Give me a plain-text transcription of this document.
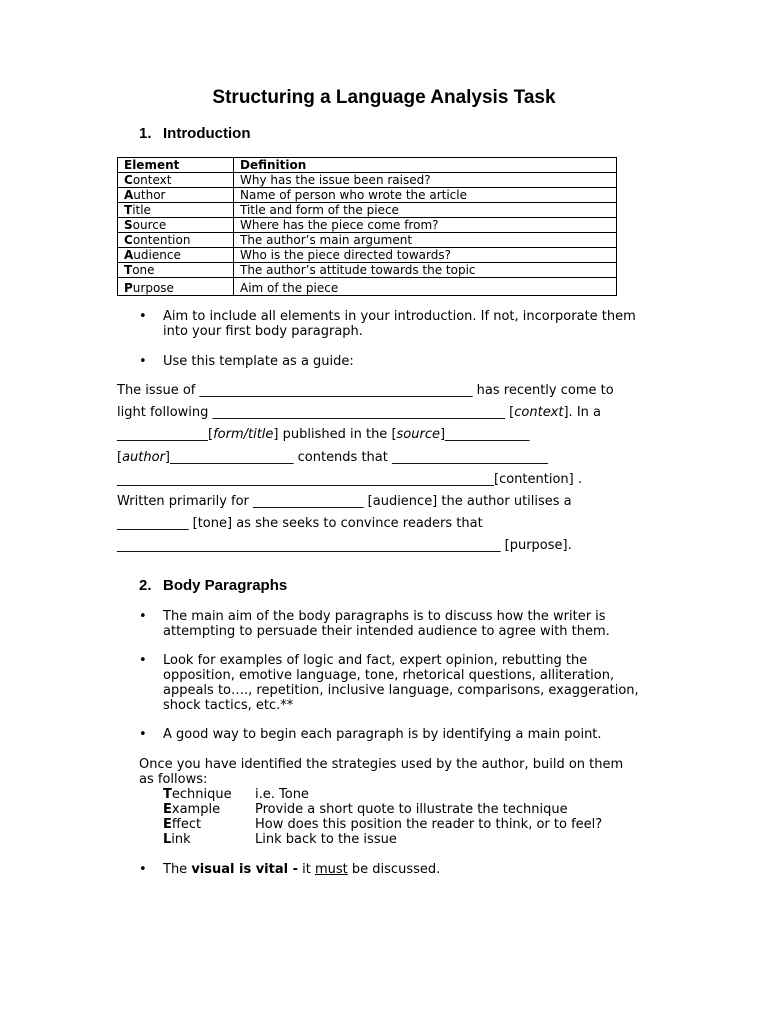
Structuring a Language Analysis Task
1. Introduction
Element	Definition
Context	Why has the issue been raised?
Author	Name of person who wrote the article
Title	Title and form of the piece
Source	Where has the piece come from?
Contention	The author’s main argument
Audience	Who is the piece directed towards?
Tone	The author’s attitude towards the topic
Purpose	Aim of the piece
• Aim to include all elements in your introduction. If not, incorporate them into your first body paragraph.
• Use this template as a guide:
The issue of __________________________________________ has recently come to
light following _____________________________________________ [context]. In a
______________[form/title] published in the [source]_____________
[author]___________________ contends that ________________________
__________________________________________________________[contention] .
Written primarily for _________________ [audience] the author utilises a
___________ [tone] as she seeks to convince readers that
___________________________________________________________ [purpose].
2. Body Paragraphs
• The main aim of the body paragraphs is to discuss how the writer is attempting to persuade their intended audience to agree with them.
• Look for examples of logic and fact, expert opinion, rebutting the opposition, emotive language, tone, rhetorical questions, alliteration, appeals to…., repetition, inclusive language, comparisons, exaggeration, shock tactics, etc.**
• A good way to begin each paragraph is by identifying a main point.
Once you have identified the strategies used by the author, build on them as follows:
Technique i.e. Tone
Example	Provide a short quote to illustrate the technique
Effect	How does this position the reader to think, or to feel?
Link	Link back to the issue
• The visual is vital - it must be discussed.
